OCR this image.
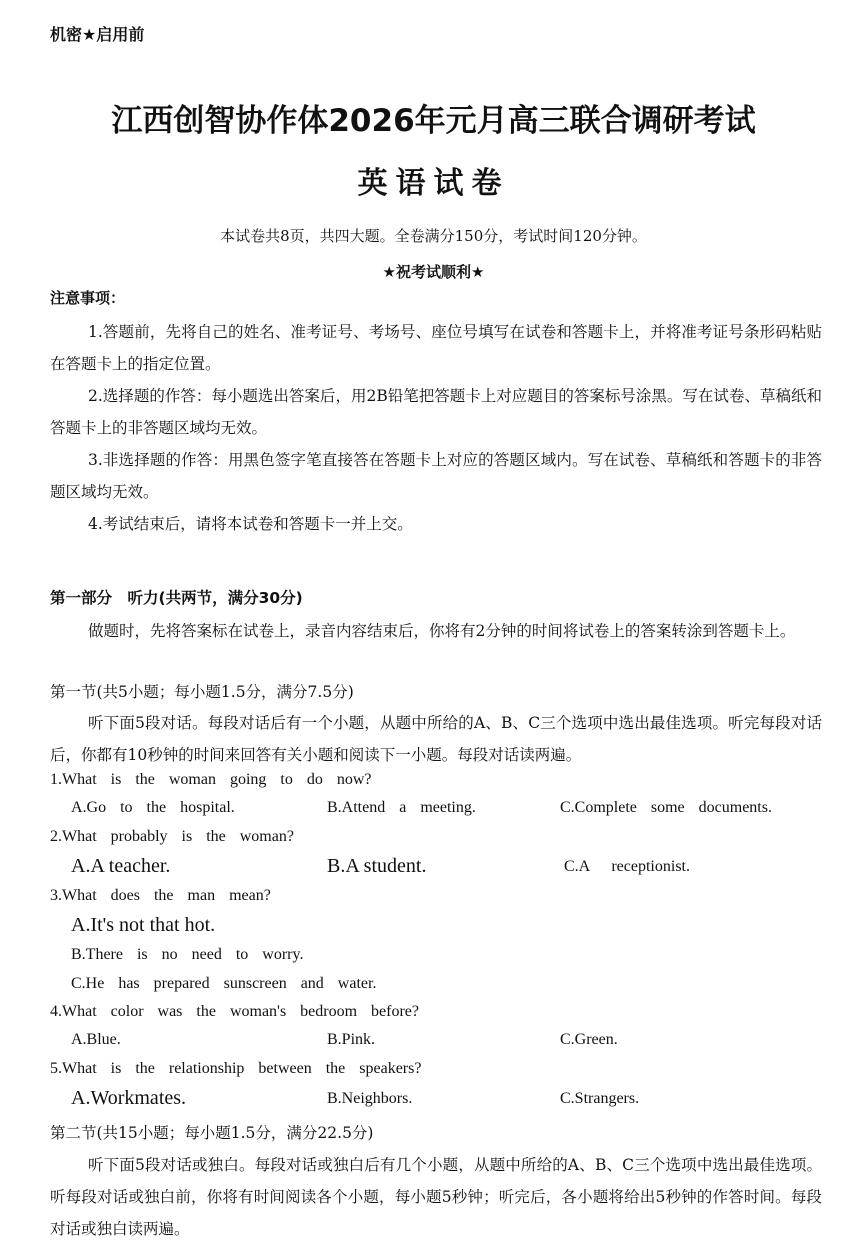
机密★启用前
江西创智协作体2026年元月高三联合调研考试
英语试卷
本试卷共8页，共四大题。全卷满分150分，考试时间120分钟。
★祝考试顺利★
注意事项：
1.答题前，先将自己的姓名、准考证号、考场号、座位号填写在试卷和答题卡上，并将准考证号条形码粘贴在答题卡上的指定位置。
2.选择题的作答：每小题选出答案后，用2B铅笔把答题卡上对应题目的答案标号涂黑。写在试卷、草稿纸和答题卡上的非答题区域均无效。
3.非选择题的作答：用黑色签字笔直接答在答题卡上对应的答题区域内。写在试卷、草稿纸和答题卡的非答题区域均无效。
4.考试结束后，请将本试卷和答题卡一并上交。
第一部分　听力(共两节，满分30分)
做题时，先将答案标在试卷上，录音内容结束后，你将有2分钟的时间将试卷上的答案转涂到答题卡上。
第一节(共5小题；每小题1.5分，满分7.5分)
听下面5段对话。每段对话后有一个小题，从题中所给的A、B、C三个选项中选出最佳选项。听完每段对话后，你都有10秒钟的时间来回答有关小题和阅读下一小题。每段对话读两遍。
1.What is the woman going to do now?
A.Go to the hospital.	B.Attend a meeting.	C.Complete some documents.
2.What probably is the woman?
A.A teacher.	B.A student.	C.A receptionist.
3.What does the man mean?
A.It's not that hot.
B.There is no need to worry.
C.He has prepared sunscreen and water.
4.What color was the woman's bedroom before?
A.Blue.	B.Pink.	C.Green.
5.What is the relationship between the speakers?
A.Workmates.	B.Neighbors.	C.Strangers.
第二节(共15小题；每小题1.5分，满分22.5分)
听下面5段对话或独白。每段对话或独白后有几个小题，从题中所给的A、B、C三个选项中选出最佳选项。听每段对话或独白前，你将有时间阅读各个小题，每小题5秒钟；听完后，各小题将给出5秒钟的作答时间。每段对话或独白读两遍。
